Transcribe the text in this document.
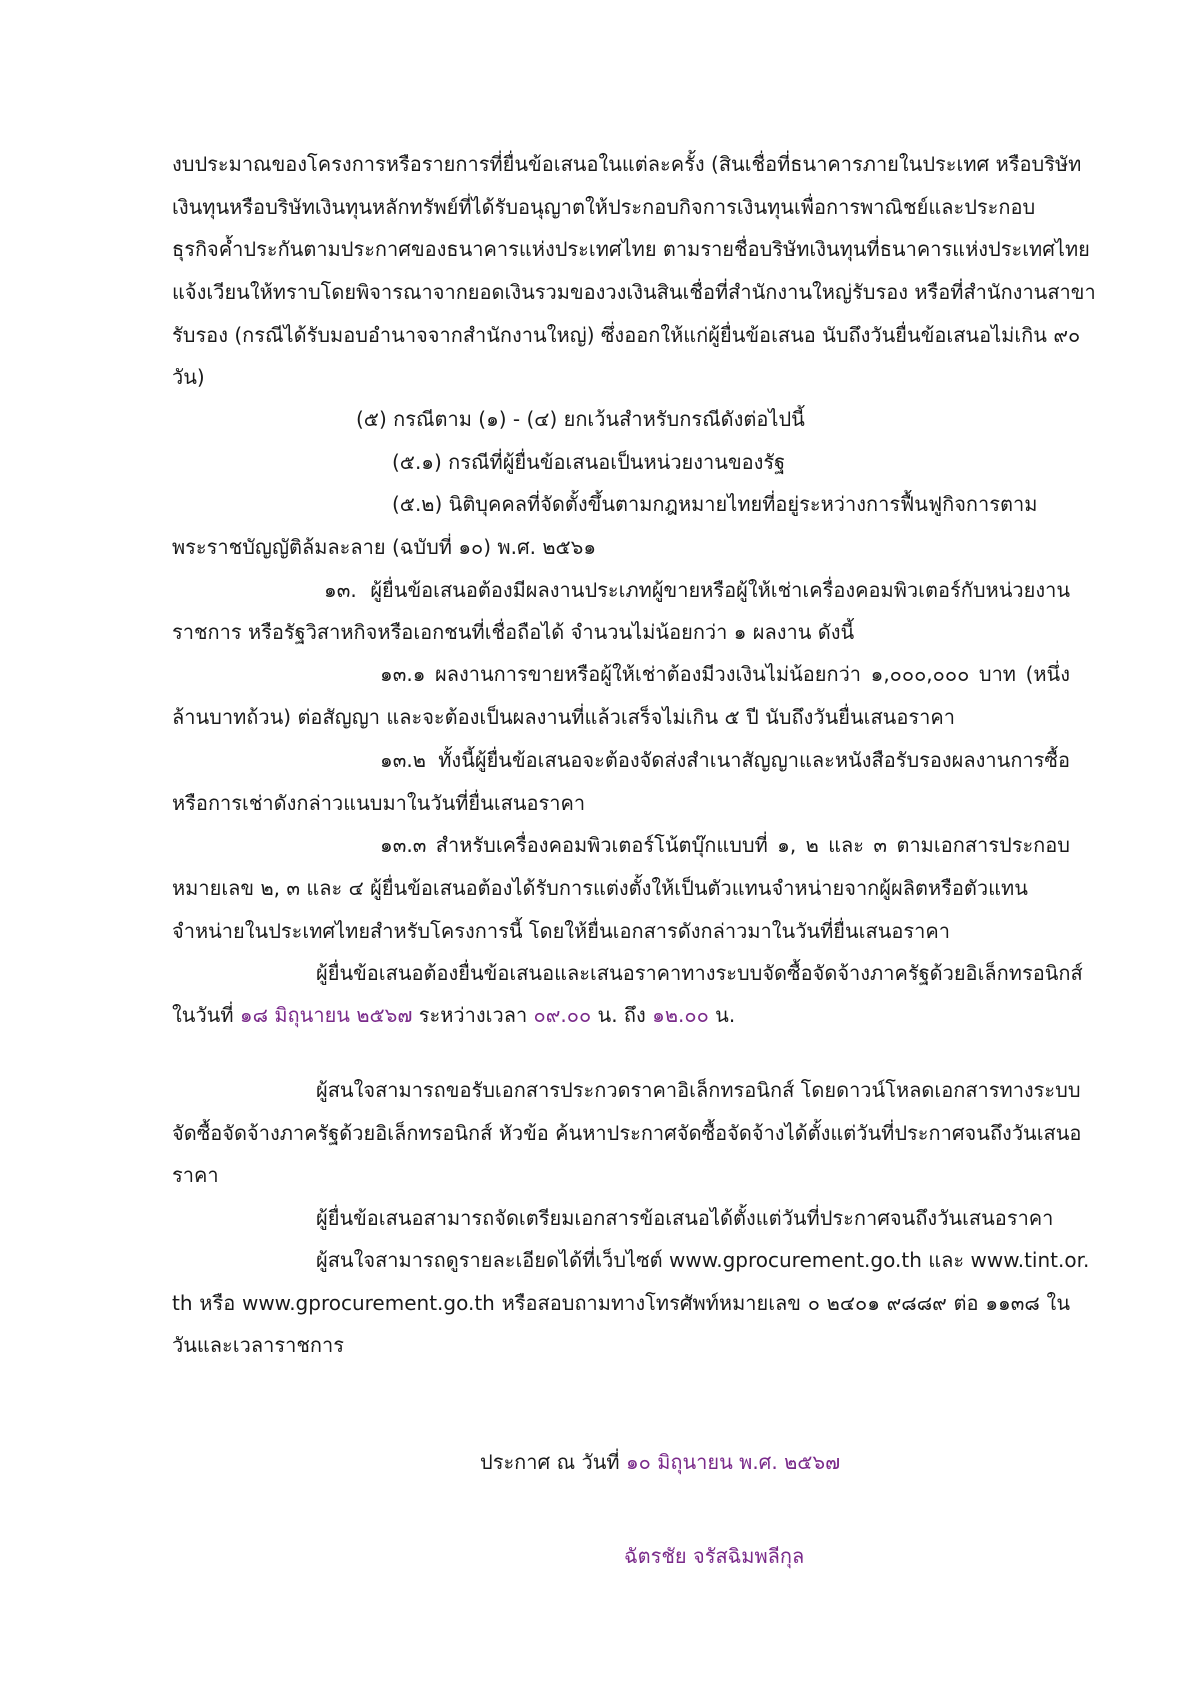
งบประมาณของโครงการหรือรายการที่ยื่นข้อเสนอในแต่ละครั้ง (สินเชื่อที่ธนาคารภายในประเทศ หรือบริษัท

เงินทุนหรือบริษัทเงินทุนหลักทรัพย์ที่ได้รับอนุญาตให้ประกอบกิจการเงินทุนเพื่อการพาณิชย์และประกอบ

ธุรกิจค้ำประกันตามประกาศของธนาคารแห่งประเทศไทย ตามรายชื่อบริษัทเงินทุนที่ธนาคารแห่งประเทศไทย

แจ้งเวียนให้ทราบโดยพิจารณาจากยอดเงินรวมของวงเงินสินเชื่อที่สำนักงานใหญ่รับรอง หรือที่สำนักงานสาขา

รับรอง (กรณีได้รับมอบอำนาจจากสำนักงานใหญ่) ซึ่งออกให้แก่ผู้ยื่นข้อเสนอ นับถึงวันยื่นข้อเสนอไม่เกิน ๙๐

วัน)

(๕) กรณีตาม (๑) - (๔) ยกเว้นสำหรับกรณีดังต่อไปนี้

(๕.๑) กรณีที่ผู้ยื่นข้อเสนอเป็นหน่วยงานของรัฐ

(๕.๒) นิติบุคคลที่จัดตั้งขึ้นตามกฎหมายไทยที่อยู่ระหว่างการฟื้นฟูกิจการตาม

พระราชบัญญัติล้มละลาย (ฉบับที่ ๑๐) พ.ศ. ๒๕๖๑

๑๓. ผู้ยื่นข้อเสนอต้องมีผลงานประเภทผู้ขายหรือผู้ให้เช่าเครื่องคอมพิวเตอร์กับหน่วยงาน

ราชการ หรือรัฐวิสาหกิจหรือเอกชนที่เชื่อถือได้ จำนวนไม่น้อยกว่า ๑ ผลงาน ดังนี้

๑๓.๑ ผลงานการขายหรือผู้ให้เช่าต้องมีวงเงินไม่น้อยกว่า ๑,๐๐๐,๐๐๐ บาท (หนึ่ง

ล้านบาทถ้วน) ต่อสัญญา และจะต้องเป็นผลงานที่แล้วเสร็จไม่เกิน ๕ ปี นับถึงวันยื่นเสนอราคา

๑๓.๒ ทั้งนี้ผู้ยื่นข้อเสนอจะต้องจัดส่งสำเนาสัญญาและหนังสือรับรองผลงานการซื้อ

หรือการเช่าดังกล่าวแนบมาในวันที่ยื่นเสนอราคา

๑๓.๓ สำหรับเครื่องคอมพิวเตอร์โน้ตบุ๊กแบบที่ ๑, ๒ และ ๓ ตามเอกสารประกอบ

หมายเลข ๒, ๓ และ ๔ ผู้ยื่นข้อเสนอต้องได้รับการแต่งตั้งให้เป็นตัวแทนจำหน่ายจากผู้ผลิตหรือตัวแทน

จำหน่ายในประเทศไทยสำหรับโครงการนี้ โดยให้ยื่นเอกสารดังกล่าวมาในวันที่ยื่นเสนอราคา

ผู้ยื่นข้อเสนอต้องยื่นข้อเสนอและเสนอราคาทางระบบจัดซื้อจัดจ้างภาครัฐด้วยอิเล็กทรอนิกส์

ในวันที่ ๑๘ มิถุนายน ๒๕๖๗ ระหว่างเวลา ๐๙.๐๐ น. ถึง ๑๒.๐๐ น.

ผู้สนใจสามารถขอรับเอกสารประกวดราคาอิเล็กทรอนิกส์ โดยดาวน์โหลดเอกสารทางระบบ

จัดซื้อจัดจ้างภาครัฐด้วยอิเล็กทรอนิกส์ หัวข้อ ค้นหาประกาศจัดซื้อจัดจ้างได้ตั้งแต่วันที่ประกาศจนถึงวันเสนอ

ราคา

ผู้ยื่นข้อเสนอสามารถจัดเตรียมเอกสารข้อเสนอได้ตั้งแต่วันที่ประกาศจนถึงวันเสนอราคา

ผู้สนใจสามารถดูรายละเอียดได้ที่เว็บไซต์ www.gprocurement.go.th และ www.tint.or.

th หรือ www.gprocurement.go.th หรือสอบถามทางโทรศัพท์หมายเลข ๐ ๒๔๐๑ ๙๘๘๙ ต่อ ๑๑๓๘ ใน

วันและเวลาราชการ

ประกาศ ณ วันที่ ๑๐ มิถุนายน พ.ศ. ๒๕๖๗

ฉัตรชัย จรัสฉิมพลีกุล
